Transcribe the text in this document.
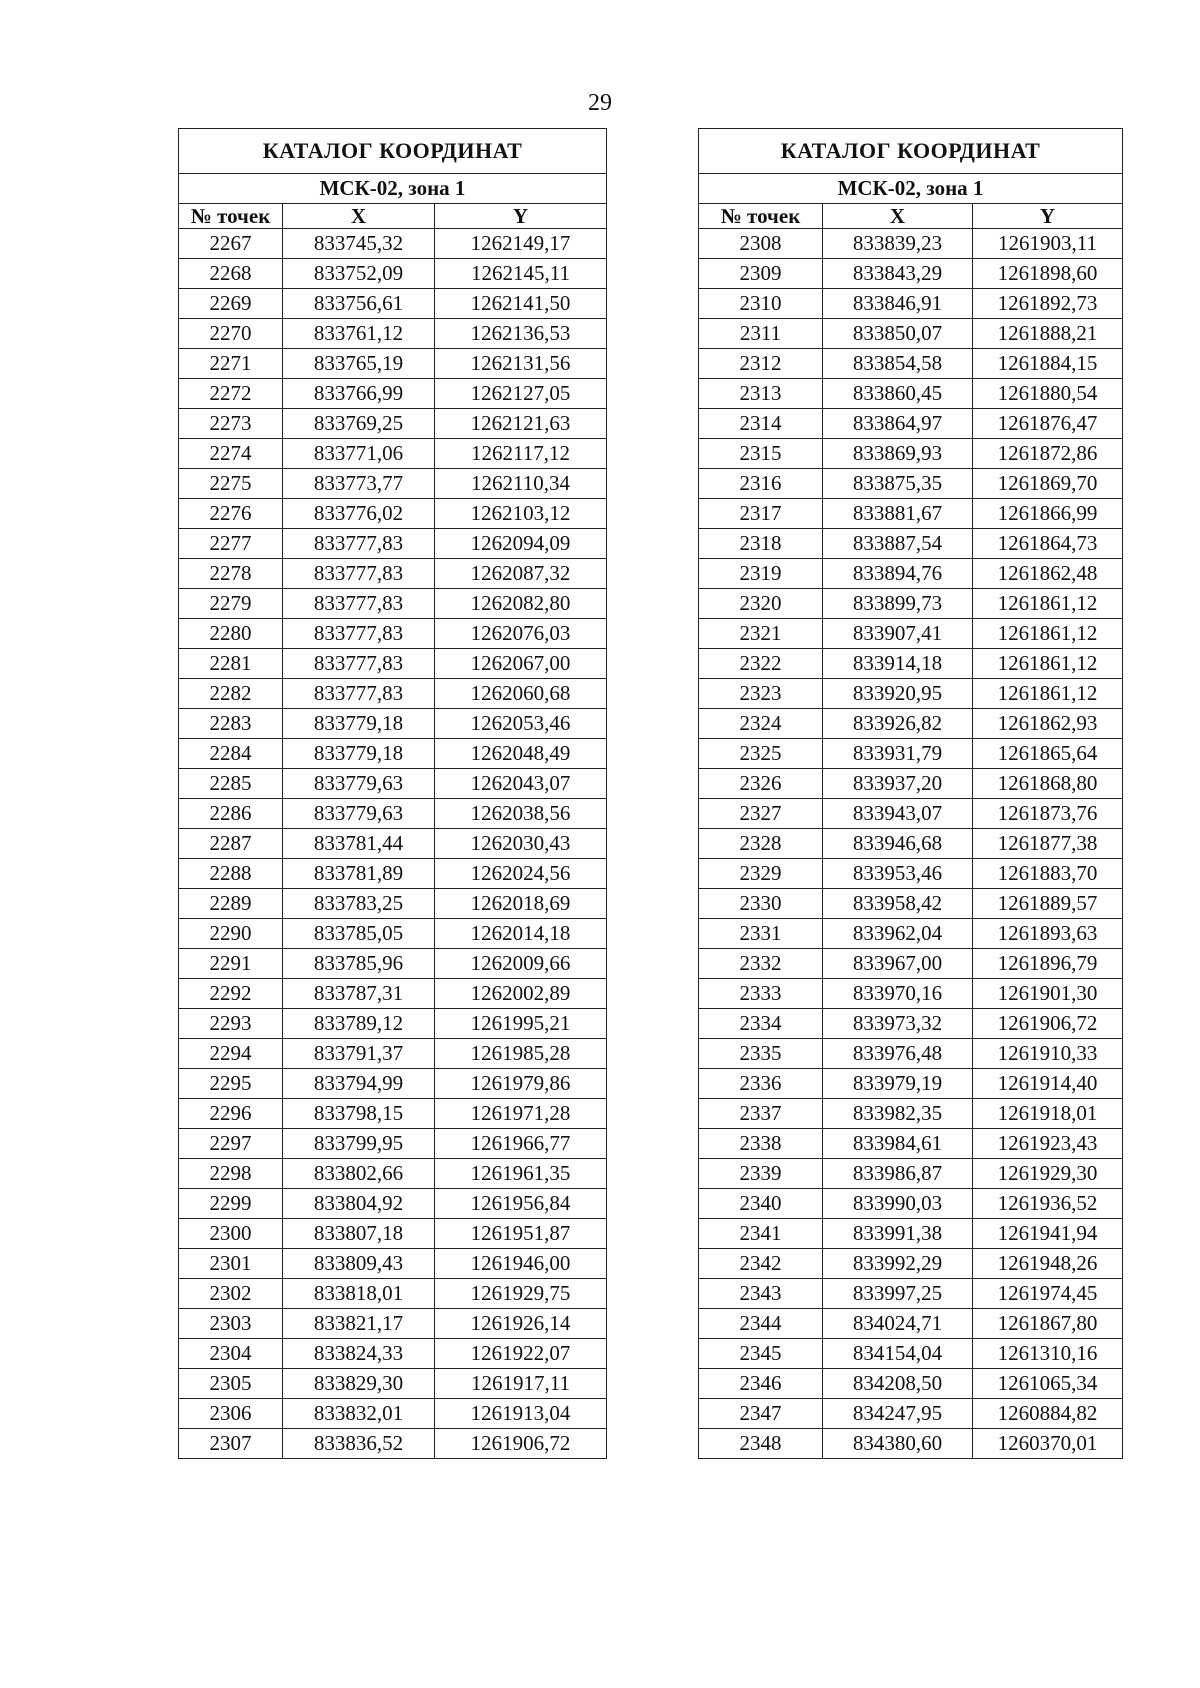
29
КАТАЛОГ КООРДИНАТ		
МСК-02, зона 1		
№ точек	X	Y
2267	833745,32	1262149,17
2268	833752,09	1262145,11
2269	833756,61	1262141,50
2270	833761,12	1262136,53
2271	833765,19	1262131,56
2272	833766,99	1262127,05
2273	833769,25	1262121,63
2274	833771,06	1262117,12
2275	833773,77	1262110,34
2276	833776,02	1262103,12
2277	833777,83	1262094,09
2278	833777,83	1262087,32
2279	833777,83	1262082,80
2280	833777,83	1262076,03
2281	833777,83	1262067,00
2282	833777,83	1262060,68
2283	833779,18	1262053,46
2284	833779,18	1262048,49
2285	833779,63	1262043,07
2286	833779,63	1262038,56
2287	833781,44	1262030,43
2288	833781,89	1262024,56
2289	833783,25	1262018,69
2290	833785,05	1262014,18
2291	833785,96	1262009,66
2292	833787,31	1262002,89
2293	833789,12	1261995,21
2294	833791,37	1261985,28
2295	833794,99	1261979,86
2296	833798,15	1261971,28
2297	833799,95	1261966,77
2298	833802,66	1261961,35
2299	833804,92	1261956,84
2300	833807,18	1261951,87
2301	833809,43	1261946,00
2302	833818,01	1261929,75
2303	833821,17	1261926,14
2304	833824,33	1261922,07
2305	833829,30	1261917,11
2306	833832,01	1261913,04
2307	833836,52	1261906,72
КАТАЛОГ КООРДИНАТ		
МСК-02, зона 1		
№ точек	X	Y
2308	833839,23	1261903,11
2309	833843,29	1261898,60
2310	833846,91	1261892,73
2311	833850,07	1261888,21
2312	833854,58	1261884,15
2313	833860,45	1261880,54
2314	833864,97	1261876,47
2315	833869,93	1261872,86
2316	833875,35	1261869,70
2317	833881,67	1261866,99
2318	833887,54	1261864,73
2319	833894,76	1261862,48
2320	833899,73	1261861,12
2321	833907,41	1261861,12
2322	833914,18	1261861,12
2323	833920,95	1261861,12
2324	833926,82	1261862,93
2325	833931,79	1261865,64
2326	833937,20	1261868,80
2327	833943,07	1261873,76
2328	833946,68	1261877,38
2329	833953,46	1261883,70
2330	833958,42	1261889,57
2331	833962,04	1261893,63
2332	833967,00	1261896,79
2333	833970,16	1261901,30
2334	833973,32	1261906,72
2335	833976,48	1261910,33
2336	833979,19	1261914,40
2337	833982,35	1261918,01
2338	833984,61	1261923,43
2339	833986,87	1261929,30
2340	833990,03	1261936,52
2341	833991,38	1261941,94
2342	833992,29	1261948,26
2343	833997,25	1261974,45
2344	834024,71	1261867,80
2345	834154,04	1261310,16
2346	834208,50	1261065,34
2347	834247,95	1260884,82
2348	834380,60	1260370,01
